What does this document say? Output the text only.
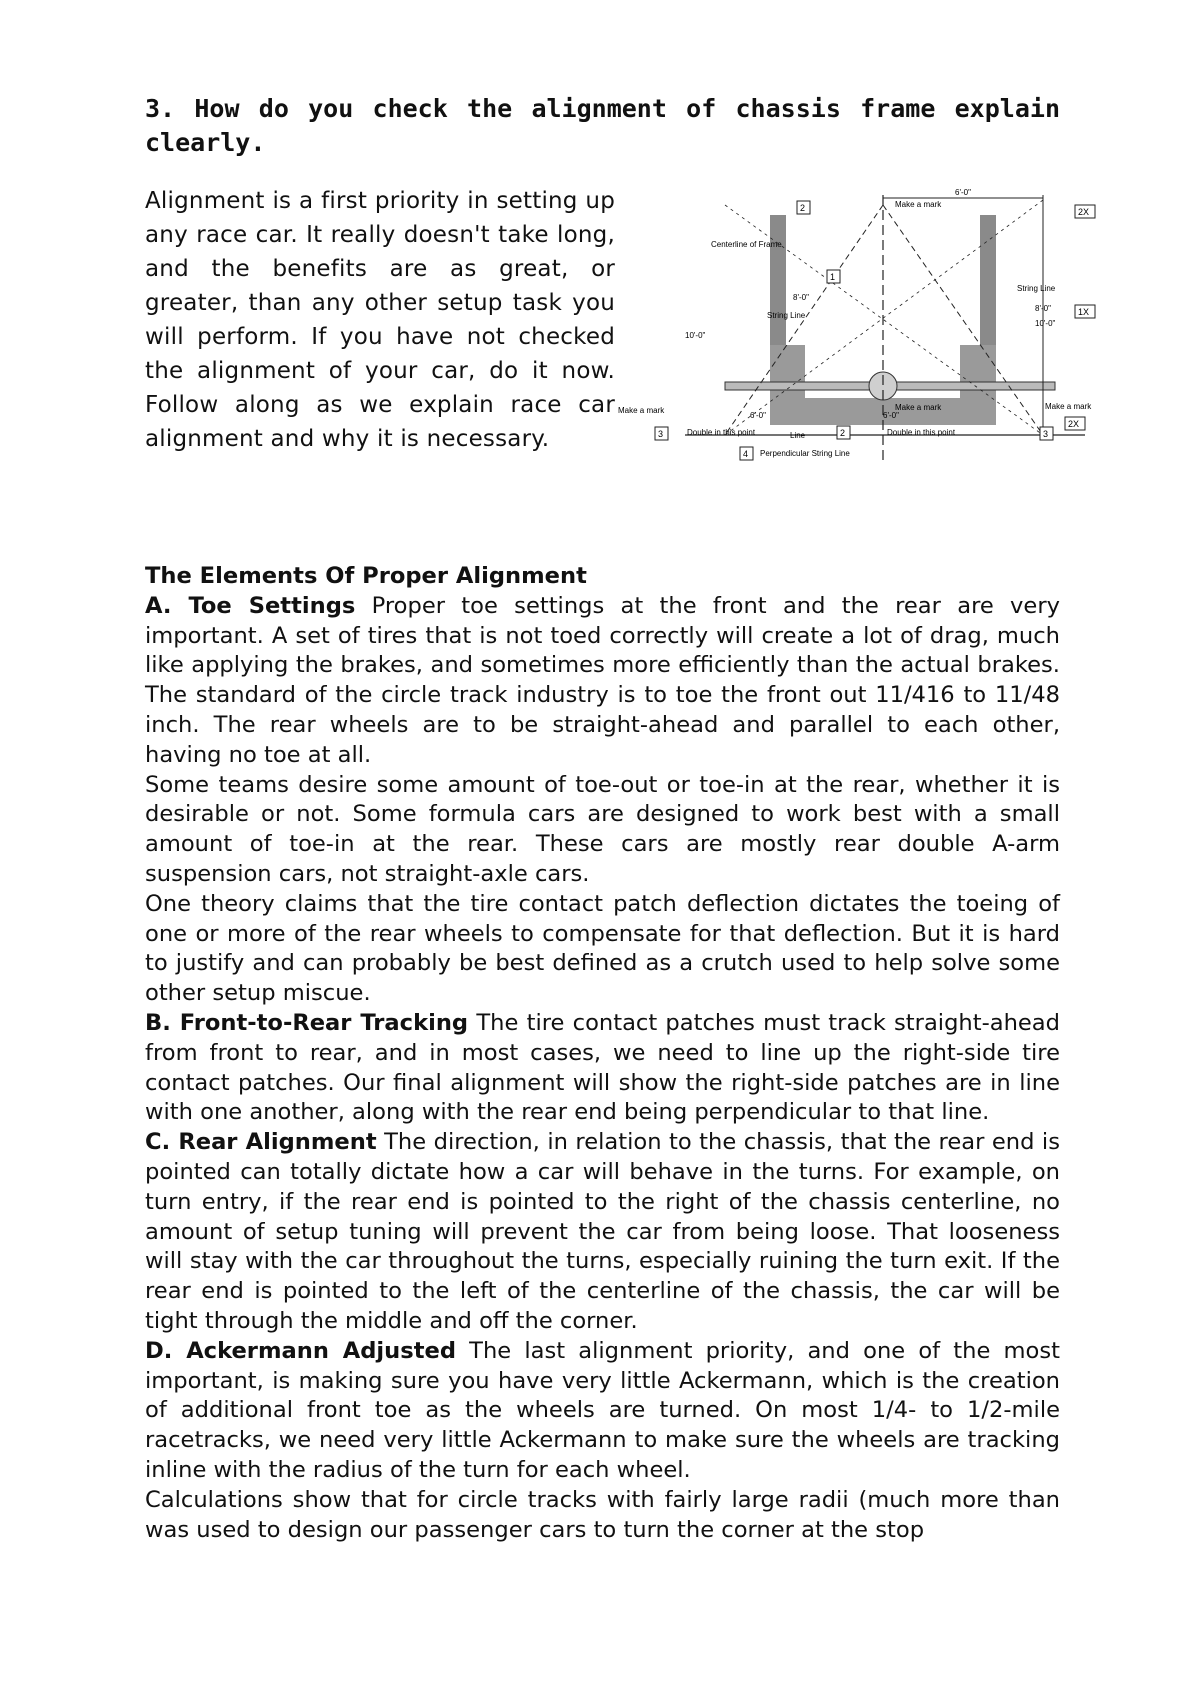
3. How do you check the alignment of chassis frame explain clearly.
Alignment is a first priority in setting up any race car. It really doesn't take long, and the benefits are as great, or greater, than any other setup task you will perform. If you have not checked the alignment of your car, do it now. Follow along as we explain race car alignment and why it is necessary.
6'-0"
Make a mark
Centerline of Frame
2	2X
1
1X
String Line
String Line
8'-0"
8'-0"
10'-0"
10'-0"
Make a mark	Make a mark	Make a mark
6'-0"	6'-0"
3	3
2
2X
Double in this point	Double in this point
Line
4 Perpendicular String Line

The Elements Of Proper Alignment

A. Toe Settings Proper toe settings at the front and the rear are very important. A set of tires that is not toed correctly will create a lot of drag, much like applying the brakes, and sometimes more efficiently than the actual brakes. The standard of the circle track industry is to toe the front out 11/416 to 11/48 inch. The rear wheels are to be straight-ahead and parallel to each other, having no toe at all.

Some teams desire some amount of toe-out or toe-in at the rear, whether it is desirable or not. Some formula cars are designed to work best with a small amount of toe-in at the rear. These cars are mostly rear double A-arm suspension cars, not straight-axle cars.

One theory claims that the tire contact patch deflection dictates the toeing of one or more of the rear wheels to compensate for that deflection. But it is hard to justify and can probably be best defined as a crutch used to help solve some other setup miscue.

B. Front-to-Rear Tracking The tire contact patches must track straight-ahead from front to rear, and in most cases, we need to line up the right-side tire contact patches. Our final alignment will show the right-side patches are in line with one another, along with the rear end being perpendicular to that line.

C. Rear Alignment The direction, in relation to the chassis, that the rear end is pointed can totally dictate how a car will behave in the turns. For example, on turn entry, if the rear end is pointed to the right of the chassis centerline, no amount of setup tuning will prevent the car from being loose. That looseness will stay with the car throughout the turns, especially ruining the turn exit. If the rear end is pointed to the left of the centerline of the chassis, the car will be tight through the middle and off the corner.

D. Ackermann Adjusted The last alignment priority, and one of the most important, is making sure you have very little Ackermann, which is the creation of additional front toe as the wheels are turned. On most 1/4- to 1/2-mile racetracks, we need very little Ackermann to make sure the wheels are tracking inline with the radius of the turn for each wheel.

Calculations show that for circle tracks with fairly large radii (much more than was used to design our passenger cars to turn the corner at the stop
